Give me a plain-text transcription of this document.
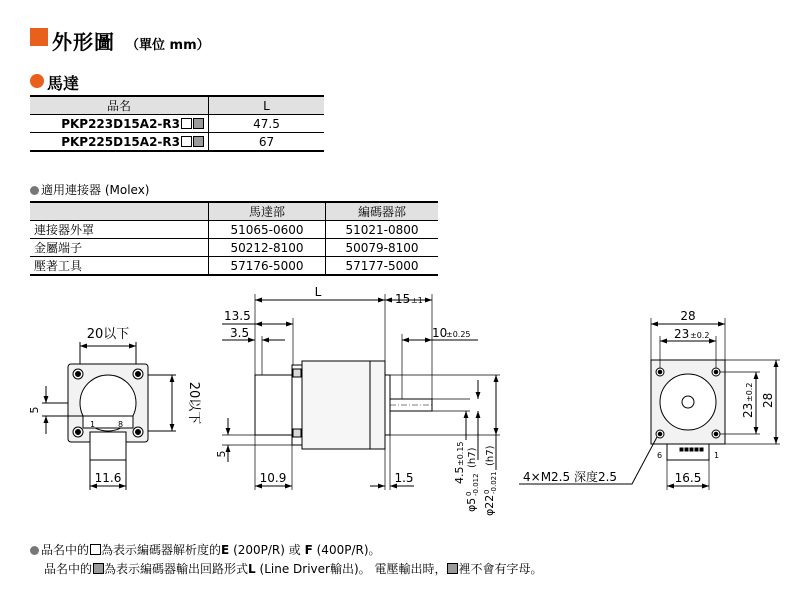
外形圖 （單位 mm）
馬達
品名	L
PKP223D15A2-R3	47.5
PKP225D15A2-R3	67
適用連接器 (Molex)
	馬達部	編碼器部
連接器外罩	51065-0600	51021-0800
金屬端子	50212-8100	50079-8100
壓著工具	57176-5000	57177-5000
20以下
20以下
5
11.6
1	8
L	15 ±1
13.5
3.5	10
±0.25
5
10.9	1.5	4.5
±0.15
φ5
0 -0.012
(h7)
φ22
0 -0.021
(h7)
28
23 ±0.2
23
±0.2 28
4×M2.5 深度2.5	16.5
6	1
品名中的 為表示編碼器解析度的E (200P/R) 或 F (400P/R)。
品名中的 為表示編碼器輸出回路形式L (Line Driver輸出)。 電壓輸出時， 裡不會有字母。
